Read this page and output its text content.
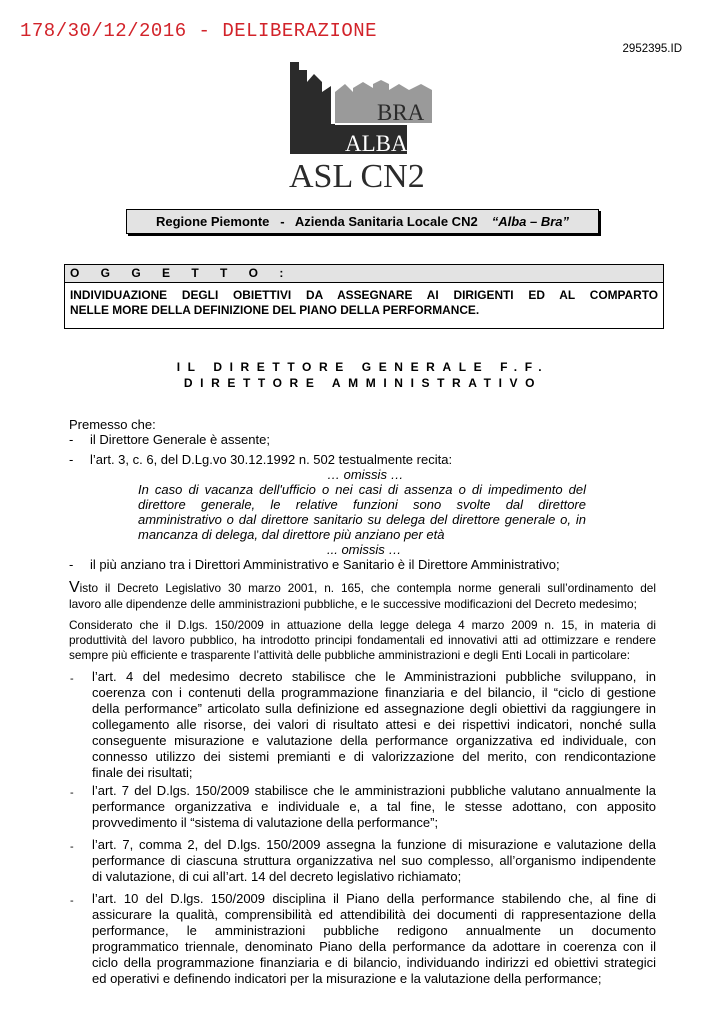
178/30/12/2016 - DELIBERAZIONE
2952395.ID
BRA
ALBA
ASL CN2
Regione Piemonte   -   Azienda Sanitaria Locale CN2 “Alba – Bra”
O G G E T T O :
INDIVIDUAZIONE DEGLI OBIETTIVI DA ASSEGNARE AI DIRIGENTI ED AL COMPARTO
NELLE MORE DELLA DEFINIZIONE DEL PIANO DELLA PERFORMANCE.
IL DIRETTORE GENERALE F.F.
DIRETTORE AMMINISTRATIVO
Premesso che:
- il Direttore Generale è assente;
- l’art. 3, c. 6, del D.Lg.vo 30.12.1992 n. 502 testualmente recita:
… omissis …
In caso di vacanza dell'ufficio o nei casi di assenza o di impedimento del
direttore generale, le relative funzioni sono svolte dal direttore
amministrativo o dal direttore sanitario su delega del direttore generale o, in
mancanza di delega, dal direttore più anziano per età
... omissis …
- il più anziano tra i Direttori Amministrativo e Sanitario è il Direttore Amministrativo;
Visto il Decreto Legislativo 30 marzo 2001, n. 165, che contempla norme generali sull’ordinamento del
lavoro alle dipendenze delle amministrazioni pubbliche, e le successive modificazioni del Decreto medesimo;
Considerato che il D.lgs. 150/2009 in attuazione della legge delega 4 marzo 2009 n. 15, in materia di
produttività del lavoro pubblico, ha introdotto principi fondamentali ed innovativi atti ad ottimizzare e rendere
sempre più efficiente e trasparente l’attività delle pubbliche amministrazioni e degli Enti Locali in particolare:
- l’art. 4 del medesimo decreto stabilisce che le Amministrazioni pubbliche sviluppano, in
coerenza con i contenuti della programmazione finanziaria e del bilancio, il “ciclo di gestione
della performance” articolato sulla definizione ed assegnazione degli obiettivi da raggiungere in
collegamento alle risorse, dei valori di risultato attesi e dei rispettivi indicatori, nonché sulla
conseguente misurazione e valutazione della performance organizzativa ed individuale, con
connesso utilizzo dei sistemi premianti e di valorizzazione del merito, con rendicontazione
finale dei risultati;
- l’art. 7 del D.lgs. 150/2009 stabilisce che le amministrazioni pubbliche valutano annualmente la
performance organizzativa e individuale e, a tal fine, le stesse adottano, con apposito
provvedimento il “sistema di valutazione della performance”;
- l’art. 7, comma 2, del D.lgs. 150/2009 assegna la funzione di misurazione e valutazione della
performance di ciascuna struttura organizzativa nel suo complesso, all’organismo indipendente
di valutazione, di cui all’art. 14 del decreto legislativo richiamato;
- l’art. 10 del D.lgs. 150/2009 disciplina il Piano della performance stabilendo che, al fine di
assicurare la qualità, comprensibilità ed attendibilità dei documenti di rappresentazione della
performance, le amministrazioni pubbliche redigono annualmente un documento
programmatico triennale, denominato Piano della performance da adottare in coerenza con il
ciclo della programmazione finanziaria e di bilancio, individuando indirizzi ed obiettivi strategici
ed operativi e definendo indicatori per la misurazione e la valutazione della performance;
